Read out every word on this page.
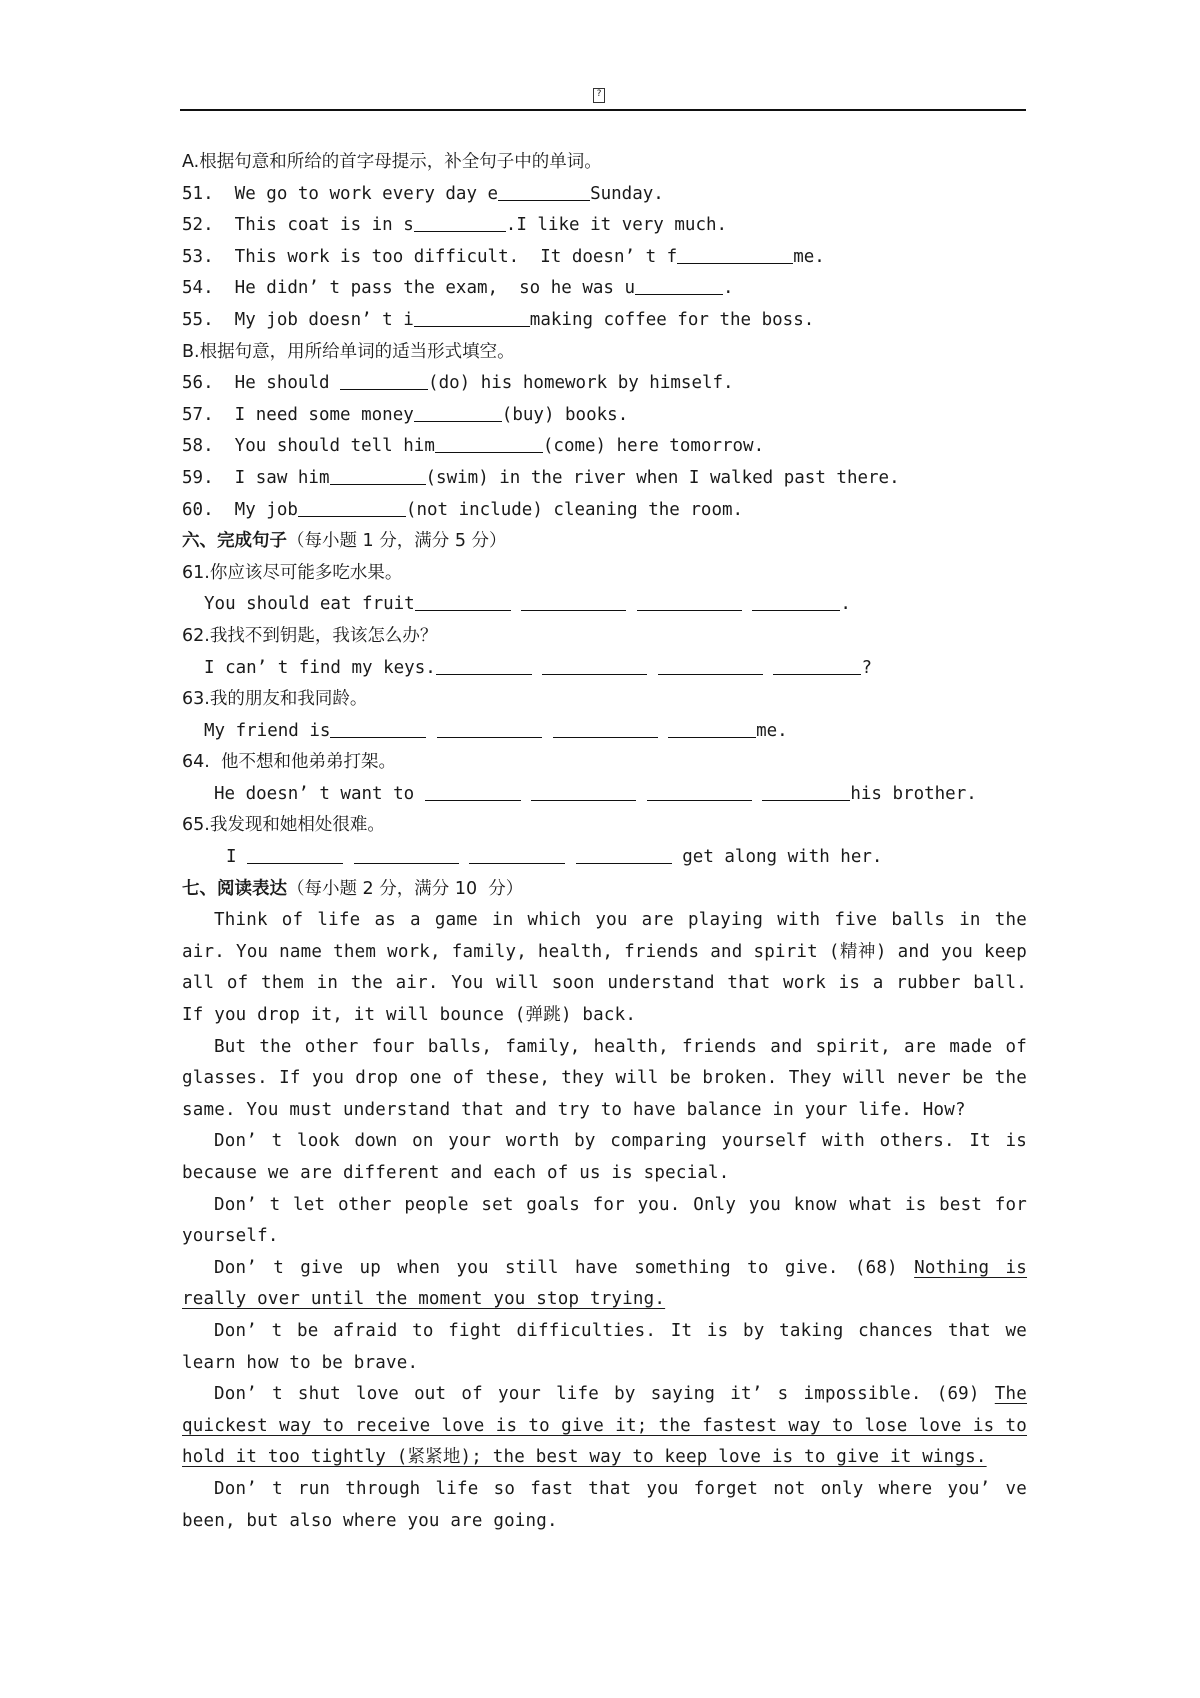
?
A.根据句意和所给的首字母提示，补全句子中的单词。
51.  We go to work every day e	Sunday.
52.  This coat is in s	.I like it very much.
53.  This work is too difficult.  It doesn’ t f	me.
54.  He didn’ t pass the exam,  so he was u	.
55.  My job doesn’ t i	making coffee for the boss.
B.根据句意，用所给单词的适当形式填空。
56.  He should	(do) his homework by himself.
57.  I need some money	(buy) books.
58.  You should tell him	(come) here tomorrow.
59.  I saw him	(swim) in the river when I walked past there.
60.  My job	(not include) cleaning the room.
六、完成句子（每小题 1 分，满分 5 分）
61.你应该尽可能多吃水果。
You should eat fruit	.
62.我找不到钥匙，我该怎么办？
I can’ t find my keys.	?
63.我的朋友和我同龄。
My friend is	me.
64.  他不想和他弟弟打架。
He doesn’ t want to	his brother.
65.我发现和她相处很难。
I	get along with her.
七、阅读表达（每小题 2 分，满分 10  分）

Think of life as a game in which you are playing with five balls in the air. You name them work, family, health, friends and spirit (精神) and you keep all of them in the air. You will soon understand that work is a rubber ball. If you drop it, it will bounce (弹跳) back.

But the other four balls, family, health, friends and spirit, are made of glasses. If you drop one of these, they will be broken. They will never be the same. You must understand that and try to have balance in your life. How?

Don’ t look down on your worth by comparing yourself with others. It is because we are different and each of us is special.

Don’ t let other people set goals for you. Only you know what is best for yourself.

Don’ t give up when you still have something to give. (68) Nothing is really over until the moment you stop trying.

Don’ t be afraid to fight difficulties. It is by taking chances that we learn how to be brave.

Don’ t shut love out of your life by saying it’ s impossible. (69) The quickest way to receive love is to give it; the fastest way to lose love is to hold it too tightly (紧紧地); the best way to keep love is to give it wings.

Don’ t run through life so fast that you forget not only where you’ ve been, but also where you are going.
